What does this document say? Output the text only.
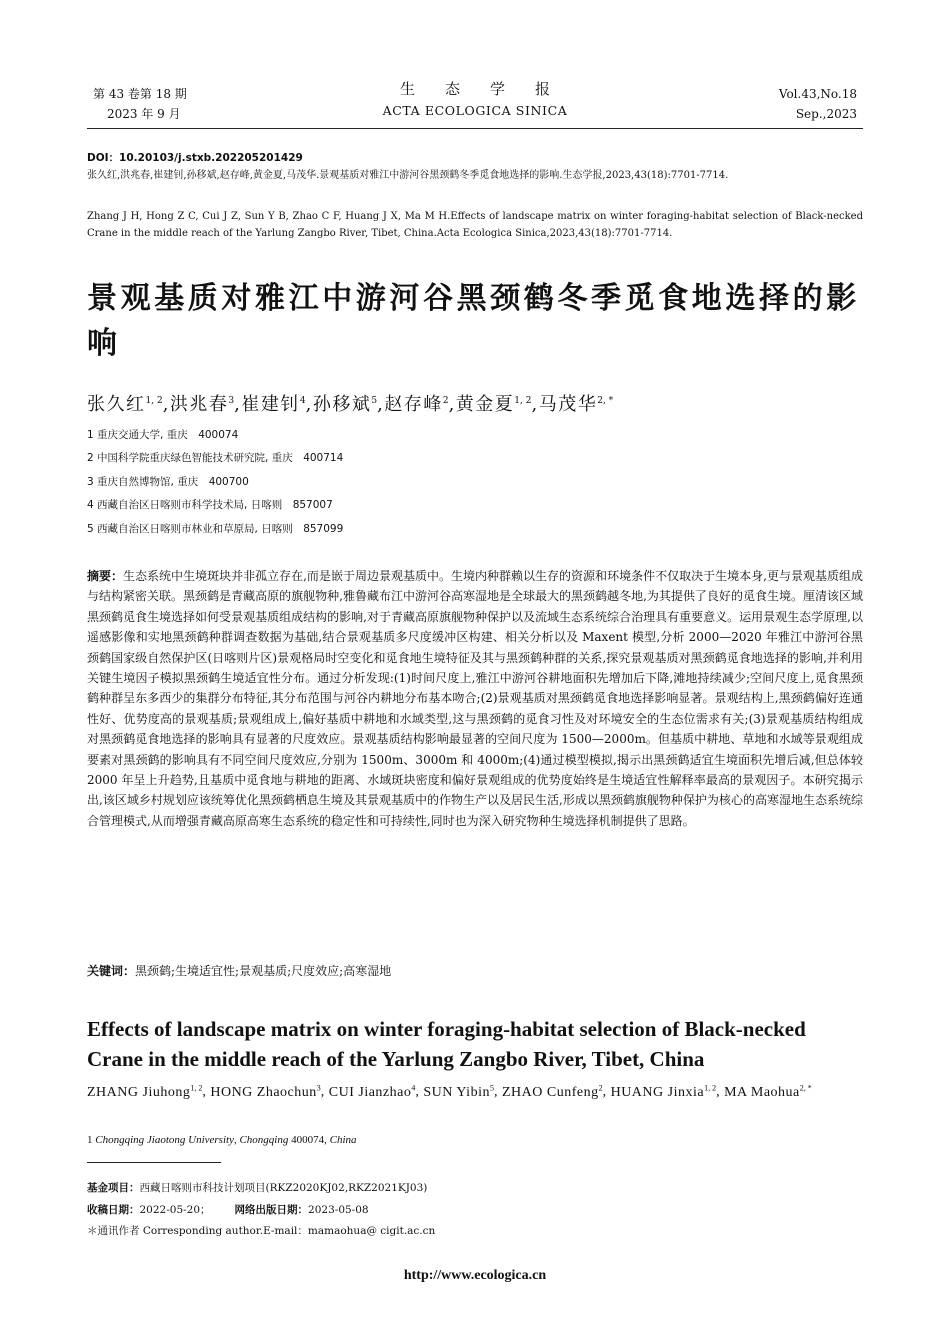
第 43 卷第 18 期
2023 年 9 月
生态学报
ACTA ECOLOGICA SINICA
Vol.43,No.18
Sep.,2023
DOI：10.20103/j.stxb.202205201429
张久红,洪兆春,崔建钊,孙移斌,赵存峰,黄金夏,马茂华.景观基质对雅江中游河谷黑颈鹤冬季觅食地选择的影响.生态学报,2023,43(18):7701-7714.
Zhang J H, Hong Z C, Cui J Z, Sun Y B, Zhao C F, Huang J X, Ma M H.Effects of landscape matrix on winter foraging-habitat selection of Black-necked Crane in the middle reach of the Yarlung Zangbo River, Tibet, China.Acta Ecologica Sinica,2023,43(18):7701-7714.
景观基质对雅江中游河谷黑颈鹤冬季觅食地选择的影响
张久红$^{1, 2}$,洪兆春$^3$,崔建钊$^4$,孙移斌$^5$,赵存峰$^2$,黄金夏$^{1, 2}$,马茂华$^{2, *}$
1 重庆交通大学, 重庆　400074
2 中国科学院重庆绿色智能技术研究院, 重庆　400714
3 重庆自然博物馆, 重庆　400700
4 西藏自治区日喀则市科学技术局, 日喀则　857007
5 西藏自治区日喀则市林业和草原局, 日喀则　857099
摘要：生态系统中生境斑块并非孤立存在,而是嵌于周边景观基质中。生境内种群赖以生存的资源和环境条件不仅取决于生境本身,更与景观基质组成与结构紧密关联。黑颈鹤是青藏高原的旗舰物种,雅鲁藏布江中游河谷高寒湿地是全球最大的黑颈鹤越冬地,为其提供了良好的觅食生境。厘清该区域黑颈鹤觅食生境选择如何受景观基质组成结构的影响,对于青藏高原旗舰物种保护以及流域生态系统综合治理具有重要意义。运用景观生态学原理,以遥感影像和实地黑颈鹤种群调查数据为基础,结合景观基质多尺度缓冲区构建、相关分析以及 Maxent 模型,分析 2000—2020 年雅江中游河谷黑颈鹤国家级自然保护区(日喀则片区)景观格局时空变化和觅食地生境特征及其与黑颈鹤种群的关系,探究景观基质对黑颈鹤觅食地选择的影响,并利用关键生境因子模拟黑颈鹤生境适宜性分布。通过分析发现:(1)时间尺度上,雅江中游河谷耕地面积先增加后下降,滩地持续减少;空间尺度上,觅食黑颈鹤种群呈东多西少的集群分布特征,其分布范围与河谷内耕地分布基本吻合;(2)景观基质对黑颈鹤觅食地选择影响显著。景观结构上,黑颈鹤偏好连通性好、优势度高的景观基质;景观组成上,偏好基质中耕地和水域类型,这与黑颈鹤的觅食习性及对环境安全的生态位需求有关;(3)景观基质结构组成对黑颈鹤觅食地选择的影响具有显著的尺度效应。景观基质结构影响最显著的空间尺度为 1500—2000m。但基质中耕地、草地和水域等景观组成要素对黑颈鹤的影响具有不同空间尺度效应,分别为 1500m、3000m 和 4000m;(4)通过模型模拟,揭示出黑颈鹤适宜生境面积先增后减,但总体较 2000 年呈上升趋势,且基质中觅食地与耕地的距离、水域斑块密度和偏好景观组成的优势度始终是生境适宜性解释率最高的景观因子。本研究揭示出,该区域乡村规划应该统筹优化黑颈鹤栖息生境及其景观基质中的作物生产以及居民生活,形成以黑颈鹤旗舰物种保护为核心的高寒湿地生态系统综合管理模式,从而增强青藏高原高寒生态系统的稳定性和可持续性,同时也为深入研究物种生境选择机制提供了思路。
关键词：黑颈鹤;生境适宜性;景观基质;尺度效应;高寒湿地
Effects of landscape matrix on winter foraging-habitat selection of Black-necked Crane in the middle reach of the Yarlung Zangbo River, Tibet, China
ZHANG Jiuhong$^{1, 2}$, HONG Zhaochun$^3$, CUI Jianzhao$^4$, SUN Yibin$^5$, ZHAO Cunfeng$^2$, HUANG Jinxia$^{1, 2}$, MA Maohua$^{2, *}$
1 Chongqing Jiaotong University, Chongqing 400074, China
基金项目：西藏日喀则市科技计划项目(RKZ2020KJ02,RKZ2021KJ03)
收稿日期：2022-05-20； 网络出版日期：2023-05-08
＊通讯作者 Corresponding author.E-mail：mamaohua@ cigit.ac.cn
http://www.ecologica.cn
